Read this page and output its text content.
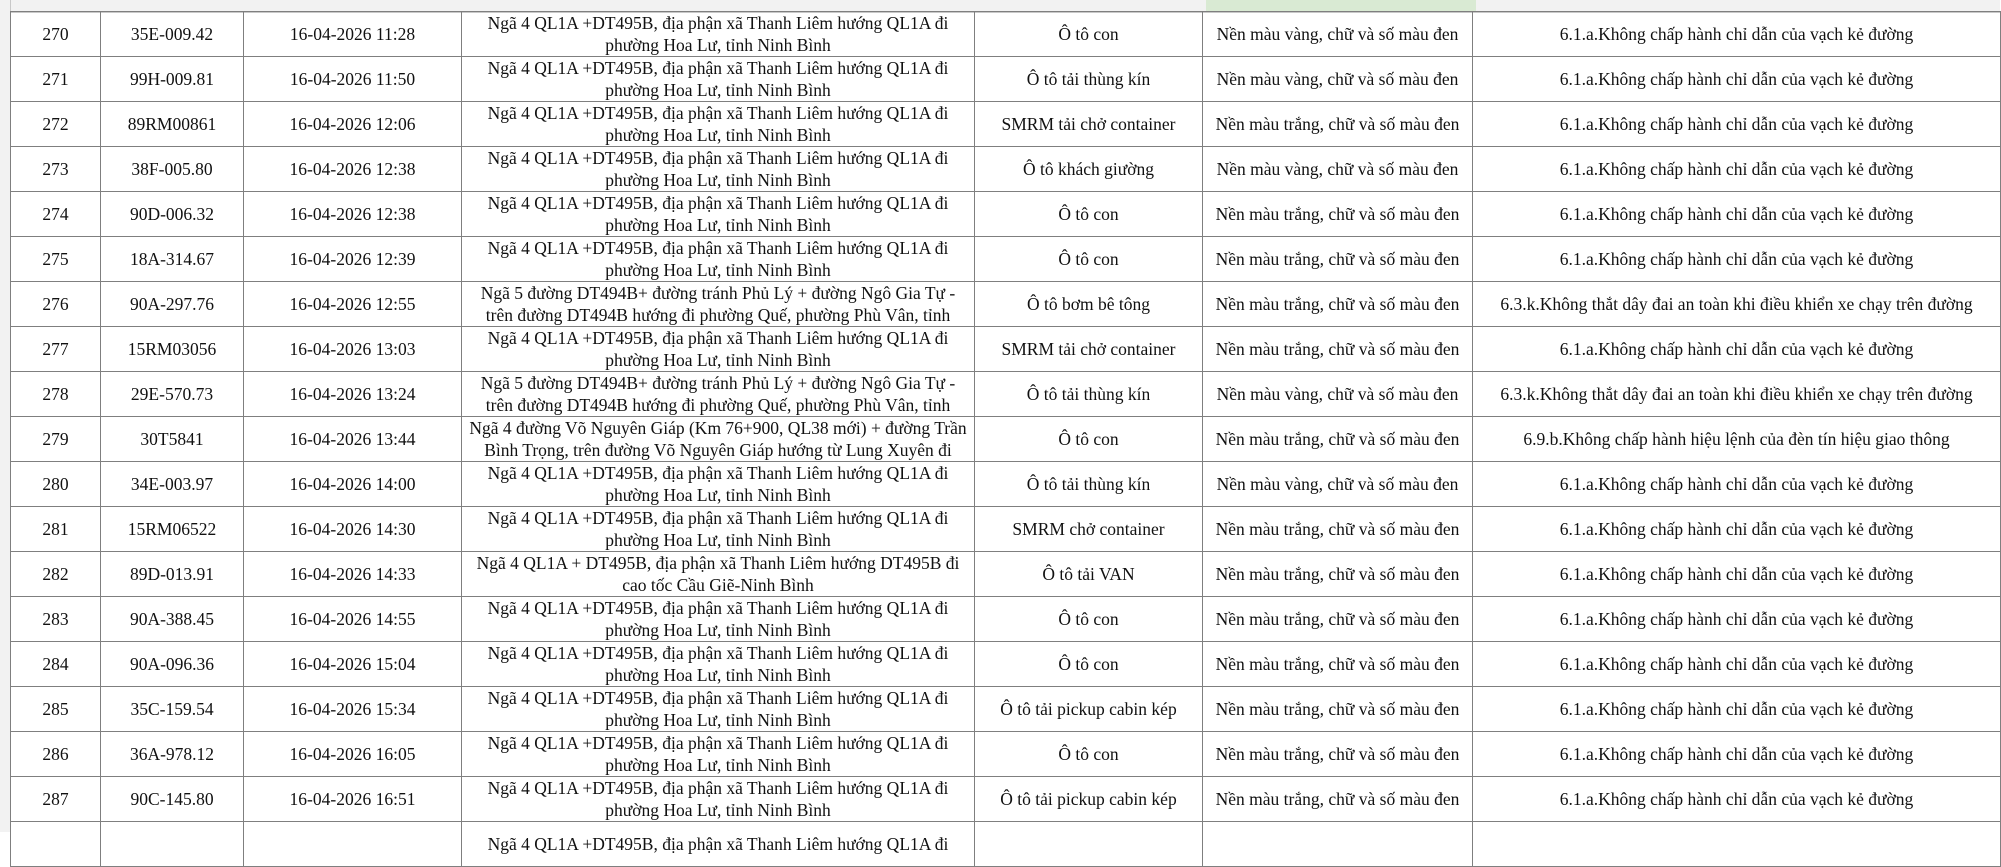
270	35E-009.42	16-04-2026 11:28	Ngã 4 QL1A +DT495B, địa phận xã Thanh Liêm hướng QL1A đi phường Hoa Lư, tỉnh Ninh Bình	Ô tô con	Nền màu vàng, chữ và số màu đen	6.1.a.Không chấp hành chỉ dẫn của vạch kẻ đường

271	99H-009.81	16-04-2026 11:50	Ngã 4 QL1A +DT495B, địa phận xã Thanh Liêm hướng QL1A đi phường Hoa Lư, tỉnh Ninh Bình	Ô tô tải thùng kín	Nền màu vàng, chữ và số màu đen	6.1.a.Không chấp hành chỉ dẫn của vạch kẻ đường

272	89RM00861	16-04-2026 12:06	Ngã 4 QL1A +DT495B, địa phận xã Thanh Liêm hướng QL1A đi phường Hoa Lư, tỉnh Ninh Bình	SMRM tải chở container	Nền màu trắng, chữ và số màu đen	6.1.a.Không chấp hành chỉ dẫn của vạch kẻ đường

273	38F-005.80	16-04-2026 12:38	Ngã 4 QL1A +DT495B, địa phận xã Thanh Liêm hướng QL1A đi phường Hoa Lư, tỉnh Ninh Bình	Ô tô khách giường	Nền màu vàng, chữ và số màu đen	6.1.a.Không chấp hành chỉ dẫn của vạch kẻ đường

274	90D-006.32	16-04-2026 12:38	Ngã 4 QL1A +DT495B, địa phận xã Thanh Liêm hướng QL1A đi phường Hoa Lư, tỉnh Ninh Bình	Ô tô con	Nền màu trắng, chữ và số màu đen	6.1.a.Không chấp hành chỉ dẫn của vạch kẻ đường

275	18A-314.67	16-04-2026 12:39	Ngã 4 QL1A +DT495B, địa phận xã Thanh Liêm hướng QL1A đi phường Hoa Lư, tỉnh Ninh Bình	Ô tô con	Nền màu trắng, chữ và số màu đen	6.1.a.Không chấp hành chỉ dẫn của vạch kẻ đường

276	90A-297.76	16-04-2026 12:55	Ngã 5 đường DT494B+ đường tránh Phủ Lý + đường Ngô Gia Tự - trên đường DT494B hướng đi phường Quế, phường Phù Vân, tỉnh	Ô tô bơm bê tông	Nền màu trắng, chữ và số màu đen	6.3.k.Không thắt dây đai an toàn khi điều khiển xe chạy trên đường

277	15RM03056	16-04-2026 13:03	Ngã 4 QL1A +DT495B, địa phận xã Thanh Liêm hướng QL1A đi phường Hoa Lư, tỉnh Ninh Bình	SMRM tải chở container	Nền màu trắng, chữ và số màu đen	6.1.a.Không chấp hành chỉ dẫn của vạch kẻ đường

278	29E-570.73	16-04-2026 13:24	Ngã 5 đường DT494B+ đường tránh Phủ Lý + đường Ngô Gia Tự - trên đường DT494B hướng đi phường Quế, phường Phù Vân, tỉnh	Ô tô tải thùng kín	Nền màu vàng, chữ và số màu đen	6.3.k.Không thắt dây đai an toàn khi điều khiển xe chạy trên đường

279	30T5841	16-04-2026 13:44	Ngã 4 đường Võ Nguyên Giáp (Km 76+900, QL38 mới) + đường Trần Bình Trọng, trên đường Võ Nguyên Giáp hướng từ Lung Xuyên đi	Ô tô con	Nền màu trắng, chữ và số màu đen	6.9.b.Không chấp hành hiệu lệnh của đèn tín hiệu giao thông

280	34E-003.97	16-04-2026 14:00	Ngã 4 QL1A +DT495B, địa phận xã Thanh Liêm hướng QL1A đi phường Hoa Lư, tỉnh Ninh Bình	Ô tô tải thùng kín	Nền màu vàng, chữ và số màu đen	6.1.a.Không chấp hành chỉ dẫn của vạch kẻ đường

281	15RM06522	16-04-2026 14:30	Ngã 4 QL1A +DT495B, địa phận xã Thanh Liêm hướng QL1A đi phường Hoa Lư, tỉnh Ninh Bình	SMRM chở container	Nền màu trắng, chữ và số màu đen	6.1.a.Không chấp hành chỉ dẫn của vạch kẻ đường

282	89D-013.91	16-04-2026 14:33	Ngã 4 QL1A + DT495B, địa phận xã Thanh Liêm hướng DT495B đi cao tốc Cầu Giẽ-Ninh Bình	Ô tô tải VAN	Nền màu trắng, chữ và số màu đen	6.1.a.Không chấp hành chỉ dẫn của vạch kẻ đường

283	90A-388.45	16-04-2026 14:55	Ngã 4 QL1A +DT495B, địa phận xã Thanh Liêm hướng QL1A đi phường Hoa Lư, tỉnh Ninh Bình	Ô tô con	Nền màu trắng, chữ và số màu đen	6.1.a.Không chấp hành chỉ dẫn của vạch kẻ đường

284	90A-096.36	16-04-2026 15:04	Ngã 4 QL1A +DT495B, địa phận xã Thanh Liêm hướng QL1A đi phường Hoa Lư, tỉnh Ninh Bình	Ô tô con	Nền màu trắng, chữ và số màu đen	6.1.a.Không chấp hành chỉ dẫn của vạch kẻ đường

285	35C-159.54	16-04-2026 15:34	Ngã 4 QL1A +DT495B, địa phận xã Thanh Liêm hướng QL1A đi phường Hoa Lư, tỉnh Ninh Bình	Ô tô tải pickup cabin kép	Nền màu trắng, chữ và số màu đen	6.1.a.Không chấp hành chỉ dẫn của vạch kẻ đường

286	36A-978.12	16-04-2026 16:05	Ngã 4 QL1A +DT495B, địa phận xã Thanh Liêm hướng QL1A đi phường Hoa Lư, tỉnh Ninh Bình	Ô tô con	Nền màu trắng, chữ và số màu đen	6.1.a.Không chấp hành chỉ dẫn của vạch kẻ đường

287	90C-145.80	16-04-2026 16:51	Ngã 4 QL1A +DT495B, địa phận xã Thanh Liêm hướng QL1A đi phường Hoa Lư, tỉnh Ninh Bình	Ô tô tải pickup cabin kép	Nền màu trắng, chữ và số màu đen	6.1.a.Không chấp hành chỉ dẫn của vạch kẻ đường

			Ngã 4 QL1A +DT495B, địa phận xã Thanh Liêm hướng QL1A đi			
